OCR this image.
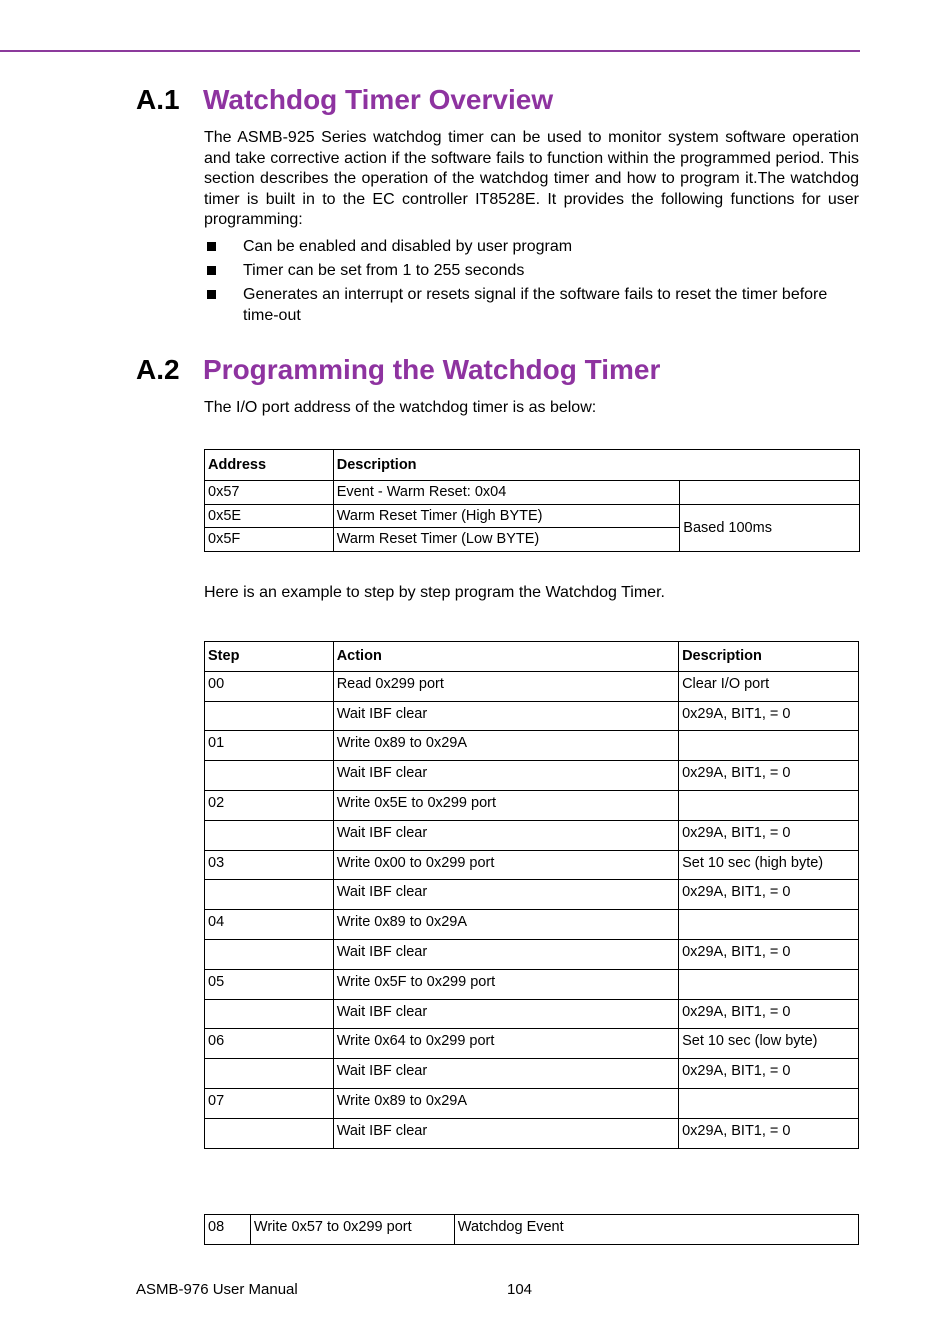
A.1 Watchdog Timer Overview
The ASMB-925 Series watchdog timer can be used to monitor system software operation and take corrective action if the software fails to function within the programmed period. This section describes the operation of the watchdog timer and how to program it.The watchdog timer is built in to the EC controller IT8528E. It provides the following functions for user programming:
Can be enabled and disabled by user program
Timer can be set from 1 to 255 seconds
Generates an interrupt or resets signal if the software fails to reset the timer before time-out
A.2 Programming the Watchdog Timer
The I/O port address of the watchdog timer is as below:
Address	Description	
0x57	Event - Warm Reset: 0x04	
0x5E	Warm Reset Timer (High BYTE)	Based 100ms
0x5F	Warm Reset Timer (Low BYTE)	
Here is an example to step by step program the Watchdog Timer.
Step	Action	Description
00	Read 0x299 port	Clear I/O port
	Wait IBF clear	0x29A, BIT1, = 0
01	Write 0x89 to 0x29A	
	Wait IBF clear	0x29A, BIT1, = 0
02	Write 0x5E to 0x299 port	
	Wait IBF clear	0x29A, BIT1, = 0
03	Write 0x00 to 0x299 port	Set 10 sec (high byte)
	Wait IBF clear	0x29A, BIT1, = 0
04	Write 0x89 to 0x29A	
	Wait IBF clear	0x29A, BIT1, = 0
05	Write 0x5F to 0x299 port	
	Wait IBF clear	0x29A, BIT1, = 0
06	Write 0x64 to 0x299 port	Set 10 sec (low byte)
	Wait IBF clear	0x29A, BIT1, = 0
07	Write 0x89 to 0x29A	
	Wait IBF clear	0x29A, BIT1, = 0
08	Write 0x57 to 0x299 port	Watchdog Event
ASMB-976 User Manual	104
